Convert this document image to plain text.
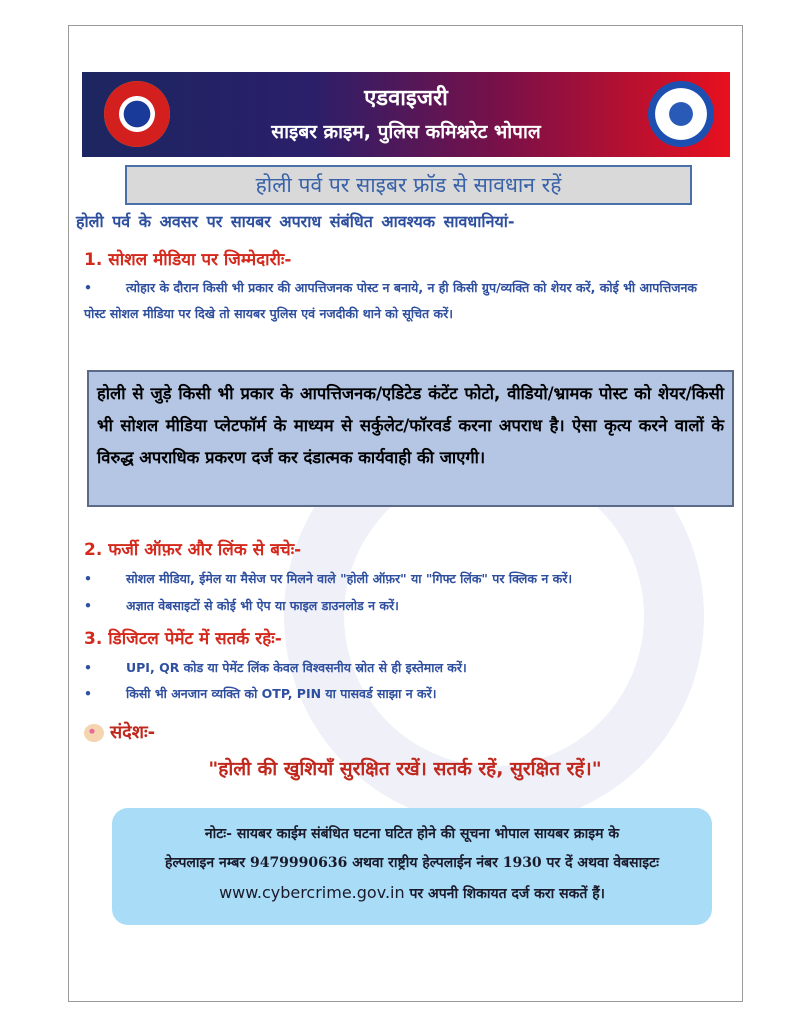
एडवाइजरी
साइबर क्राइम, पुलिस कमिश्नरेट भोपाल
होली पर्व पर साइबर फ्रॉड से सावधान रहें
होली पर्व के अवसर पर सायबर अपराध संबंधित आवश्यक सावधानियां-
1. सोशल मीडिया पर जिम्मेदारीः-
•	त्योहार के दौरान किसी भी प्रकार की आपत्तिजनक पोस्ट न बनाये, न ही किसी ग्रुप/व्यक्ति को शेयर करें, कोई भी आपत्तिजनक पोस्ट सोशल मीडिया पर दिखे तो सायबर पुलिस एवं नजदीकी थाने को सूचित करें।
होली से जुड़े किसी भी प्रकार के आपत्तिजनक/एडिटेड कंटेंट फोटो, वीडियो/भ्रामक पोस्ट को शेयर/किसी भी सोशल मीडिया प्लेटफॉर्म के माध्यम से सर्कुलेट/फॉरवर्ड करना अपराध है। ऐसा कृत्य करने वालों के विरुद्ध अपराधिक प्रकरण दर्ज कर दंडात्मक कार्यवाही की जाएगी।
2. फर्जी ऑफ़र और लिंक से बचेः-
•	सोशल मीडिया, ईमेल या मैसेज पर मिलने वाले "होली ऑफ़र" या "गिफ्ट लिंक" पर क्लिक न करें।
•	अज्ञात वेबसाइटों से कोई भी ऐप या फाइल डाउनलोड न करें।
3. डिजिटल पेमेंट में सतर्क रहेः-
•	UPI, QR कोड या पेमेंट लिंक केवल विश्वसनीय स्रोत से ही इस्तेमाल करें।
•	किसी भी अनजान व्यक्ति को OTP, PIN या पासवर्ड साझा न करें।
संदेशः-
"होली की खुशियाँ सुरक्षित रखें। सतर्क रहें, सुरक्षित रहें।"
नोटः- सायबर काईम संबंधित घटना घटित होने की सूचना भोपाल सायबर क्राइम के
हेल्पलाइन नम्बर 9479990636 अथवा राष्ट्रीय हेल्पलाईन नंबर 1930 पर दें अथवा वेबसाइटः
www.cybercrime.gov.in पर अपनी शिकायत दर्ज करा सकतें हैं।
